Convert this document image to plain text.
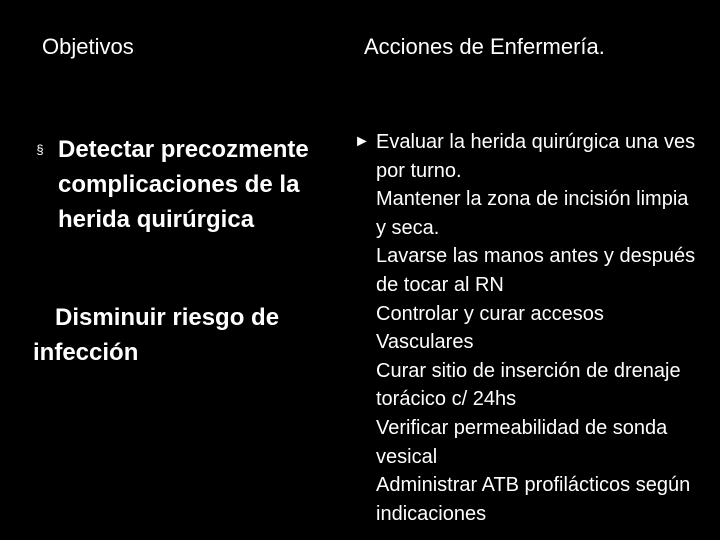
Objetivos	Acciones de Enfermería.
§ Detectar precozmente complicaciones de la herida quirúrgica
Disminuir riesgo de infección
► Evaluar la herida quirúrgica una ves por turno.
Mantener la zona de incisión limpia y seca.
Lavarse las manos antes y después de tocar al RN
Controlar y curar accesos Vasculares
Curar sitio de inserción de drenaje torácico c/ 24hs
Verificar permeabilidad de sonda vesical
Administrar ATB profilácticos según indicaciones
